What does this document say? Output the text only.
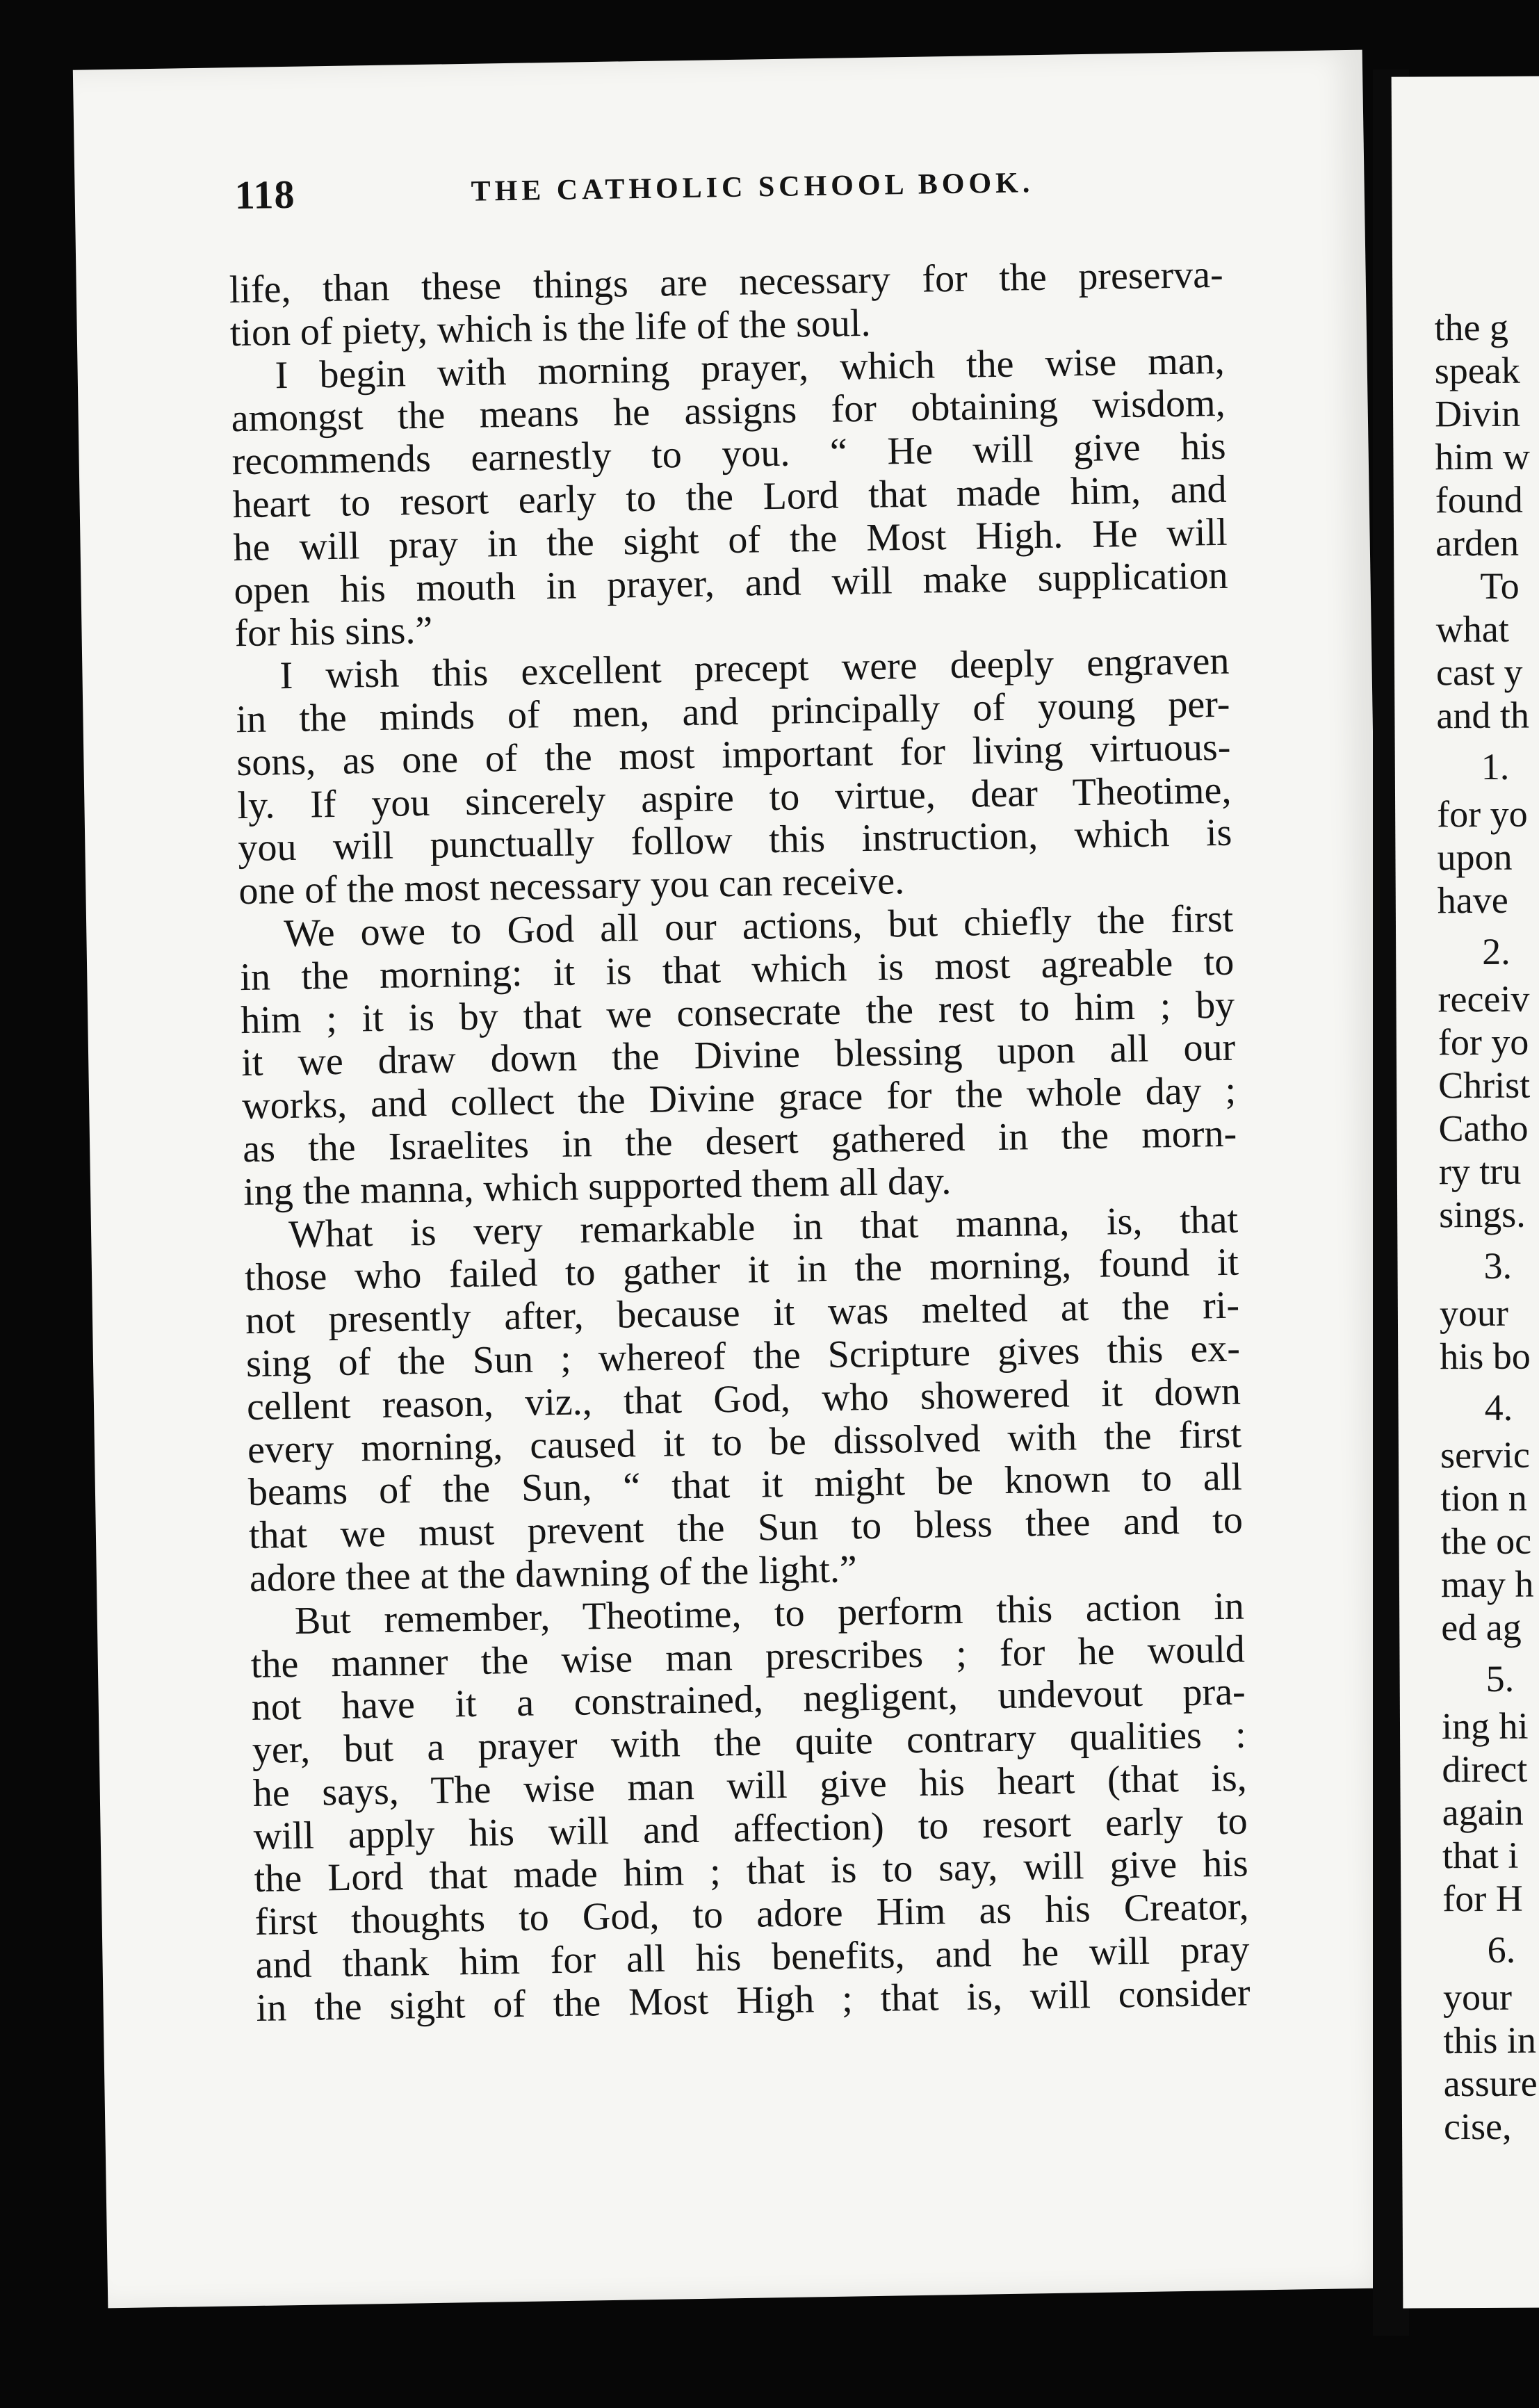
118	THE CATHOLIC SCHOOL BOOK.
life, than these things are necessary for the preserva-
tion of piety, which is the life of the soul.
I begin with morning prayer, which the wise man,
amongst the means he assigns for obtaining wisdom,
recommends earnestly to you. “ He will give his
heart to resort early to the Lord that made him, and
he will pray in the sight of the Most High. He will
open his mouth in prayer, and will make supplication
for his sins.”
I wish this excellent precept were deeply engraven
in the minds of men, and principally of young per-
sons, as one of the most important for living virtuous-
ly. If you sincerely aspire to virtue, dear Theotime,
you will punctually follow this instruction, which is
one of the most necessary you can receive.
We owe to God all our actions, but chiefly the first
in the morning: it is that which is most agreable to
him ; it is by that we consecrate the rest to him ; by
it we draw down the Divine blessing upon all our
works, and collect the Divine grace for the whole day ;
as the Israelites in the desert gathered in the morn-
ing the manna, which supported them all day.
What is very remarkable in that manna, is, that
those who failed to gather it in the morning, found it
not presently after, because it was melted at the ri-
sing of the Sun ; whereof the Scripture gives this ex-
cellent reason, viz., that God, who showered it down
every morning, caused it to be dissolved with the first
beams of the Sun, “ that it might be known to all
that we must prevent the Sun to bless thee and to
adore thee at the dawning of the light.”
But remember, Theotime, to perform this action in
the manner the wise man prescribes ; for he would
not have it a constrained, negligent, undevout pra-
yer, but a prayer with the quite contrary qualities :
he says, The wise man will give his heart (that is,
will apply his will and affection) to resort early to
the Lord that made him ; that is to say, will give his
first thoughts to God, to adore Him as his Creator,
and thank him for all his benefits, and he will pray
in the sight of the Most High ; that is, will consider
the g
speak
Divin
him w
found
arden
To
what
cast y
and th
1.
for yo
upon
have
2.
receiv
for yo
Christ
Catho
ry tru
sings.
3.
your
his bo
4.
servic
tion n
the oc
may h
ed ag
5.
ing hi
direct
again
that i
for H
6.
your
this in
assure
cise,
